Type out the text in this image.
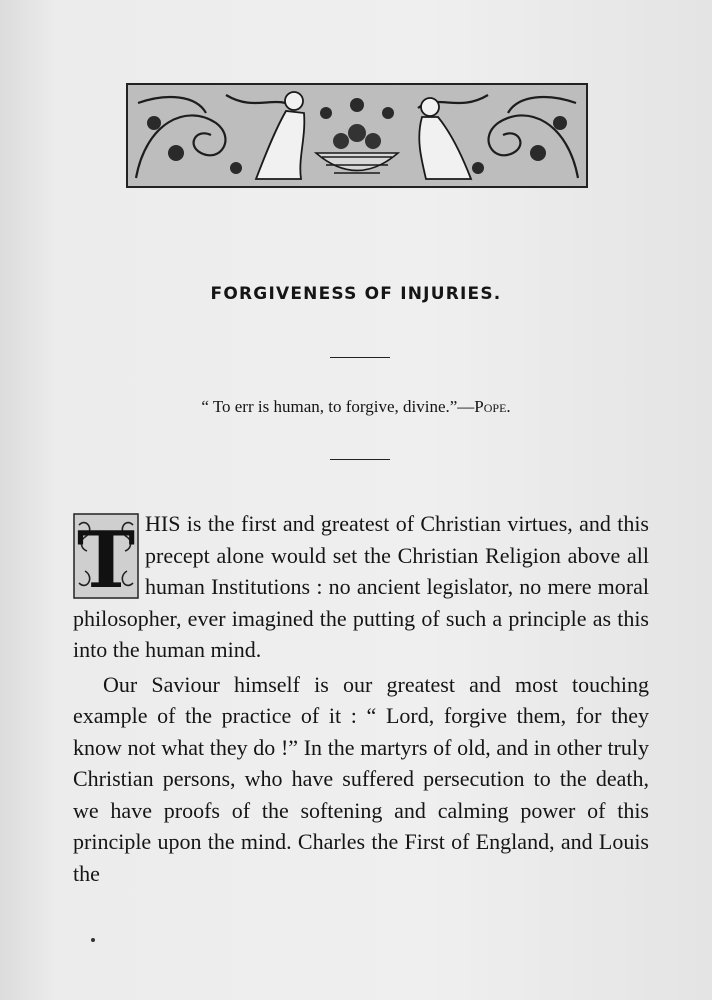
FORGIVENESS OF INJURIES.
“ To err is human, to forgive, divine.”—Pope.

T HIS is the first and greatest of Christian virtues, and this precept alone would set the Christian Religion above all human Institutions : no ancient legislator, no mere moral philosopher, ever imagined the putting of such a principle as this into the human mind.

Our Saviour himself is our greatest and most touching example of the practice of it : “ Lord, forgive them, for they know not what they do !” In the martyrs of old, and in other truly Christian persons, who have suffered persecution to the death, we have proofs of the softening and calming power of this principle upon the mind. Charles the First of England, and Louis the
